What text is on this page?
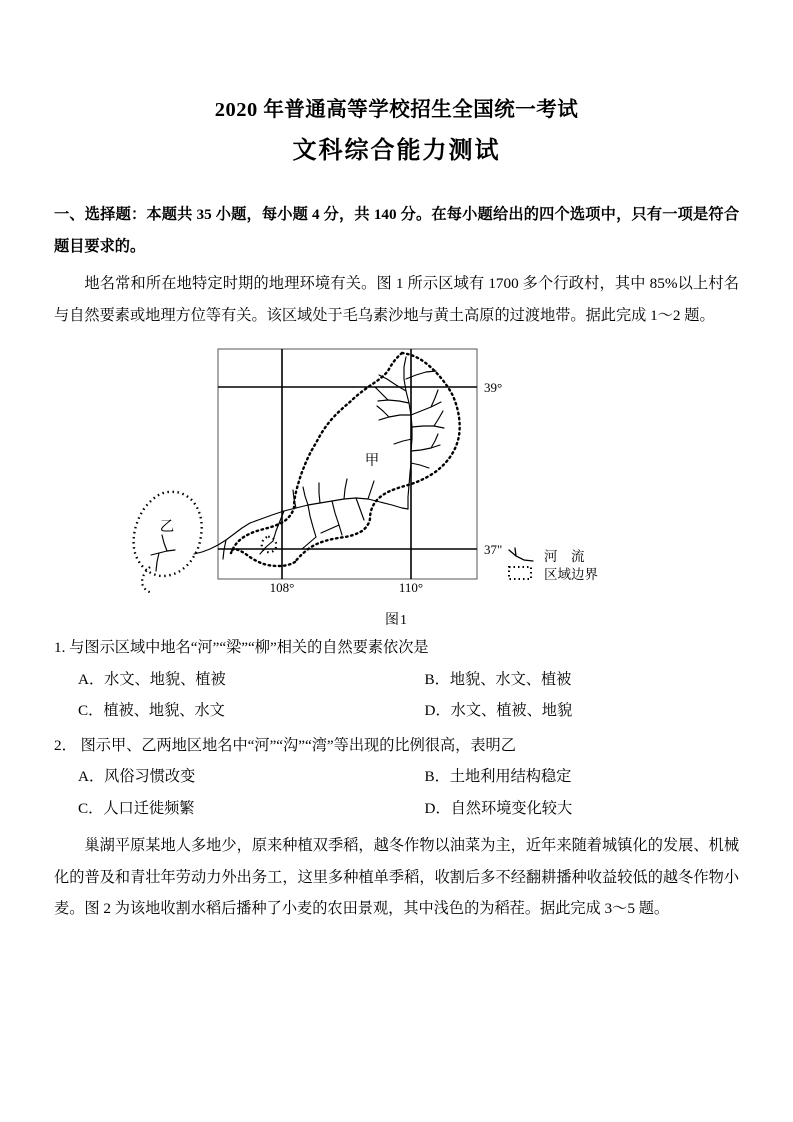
2020 年普通高等学校招生全国统一考试
文科综合能力测试
一、选择题：本题共 35 小题，每小题 4 分，共 140 分。在每小题给出的四个选项中，只有一项是符合题目要求的。
地名常和所在地特定时期的地理环境有关。图 1 所示区域有 1700 多个行政村，其中 85%以上村名与自然要素或地理方位等有关。该区域处于毛乌素沙地与黄土高原的过渡地带。据此完成 1～2 题。
甲
乙
39°
37"
108°	110°
河　流
区域边界
图1
1. 与图示区域中地名“河”“梁”“柳”相关的自然要素依次是
A．水文、地貌、植被	B．地貌、水文、植被
C．植被、地貌、水文	D．水文、植被、地貌
2． 图示甲、乙两地区地名中“河”“沟”“湾”等出现的比例很高，表明乙
A．风俗习惯改变	B．土地利用结构稳定
C．人口迁徙频繁	D．自然环境变化较大
巢湖平原某地人多地少，原来种植双季稻，越冬作物以油菜为主，近年来随着城镇化的发展、机械化的普及和青壮年劳动力外出务工，这里多种植单季稻，收割后多不经翻耕播种收益较低的越冬作物小麦。图 2 为该地收割水稻后播种了小麦的农田景观，其中浅色的为稻茬。据此完成 3～5 题。
